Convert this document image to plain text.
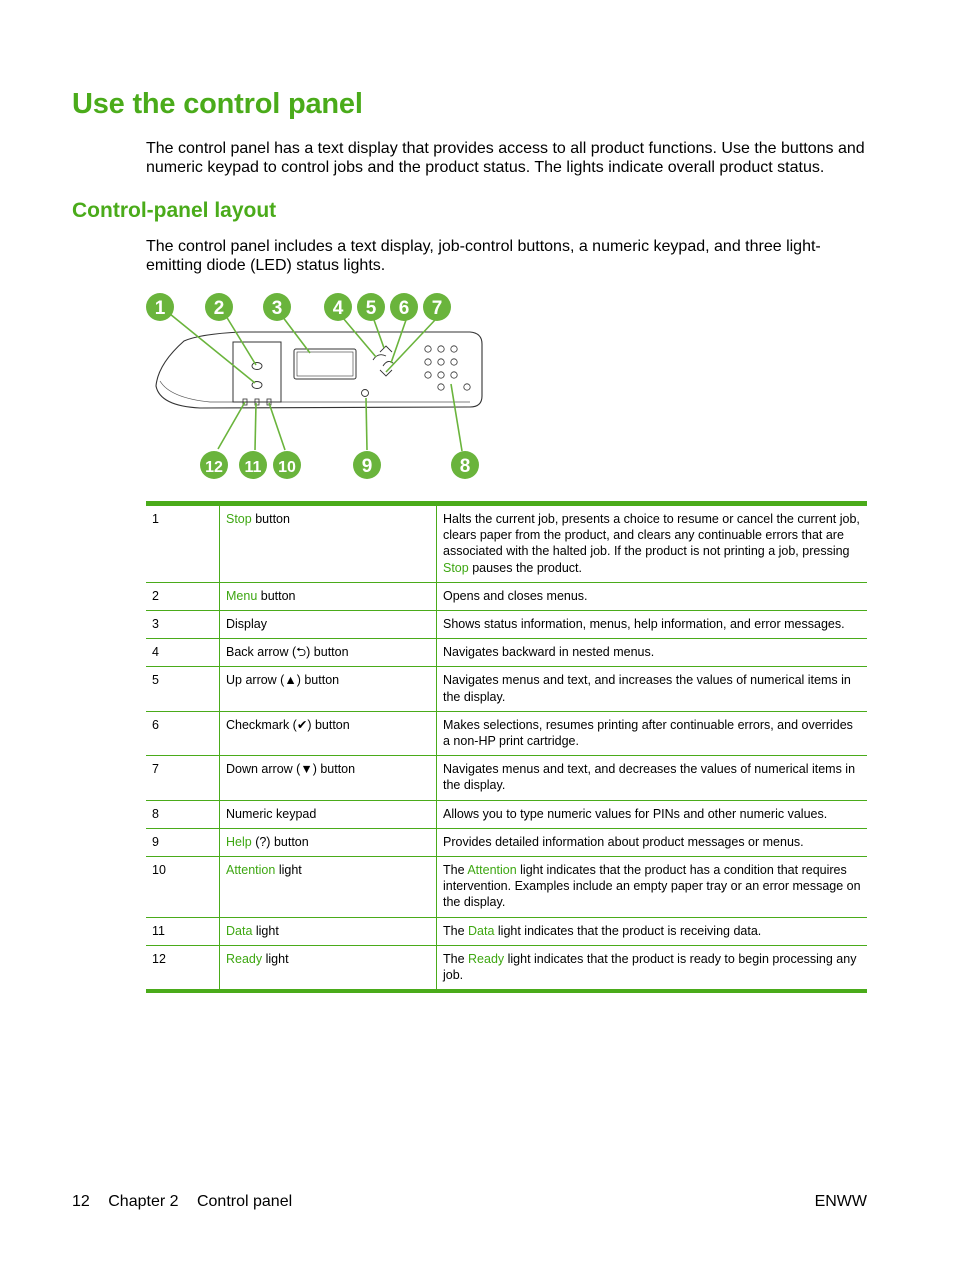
Use the control panel

The control panel has a text display that provides access to all product functions. Use the buttons and numeric keypad to control jobs and the product status. The lights indicate overall product status.

Control-panel layout

The control panel includes a text display, job-control buttons, a numeric keypad, and three light-emitting diode (LED) status lights.

1	2 3	4 5 6 7
8
9
10
11
12
1	Stop button	Halts the current job, presents a choice to resume or cancel the current job, clears paper from the product, and clears any continuable errors that are associated with the halted job. If the product is not printing a job, pressing Stop pauses the product.
2	Menu button	Opens and closes menus.
3	Display	Shows status information, menus, help information, and error messages.
4	Back arrow (⮌) button	Navigates backward in nested menus.
5	Up arrow (▲) button	Navigates menus and text, and increases the values of numerical items in the display.
6	Checkmark (✔) button	Makes selections, resumes printing after continuable errors, and overrides a non-HP print cartridge.
7	Down arrow (▼) button	Navigates menus and text, and decreases the values of numerical items in the display.
8	Numeric keypad	Allows you to type numeric values for PINs and other numeric values.
9	Help (?) button	Provides detailed information about product messages or menus.
10	Attention light	The Attention light indicates that the product has a condition that requires intervention. Examples include an empty paper tray or an error message on the display.
11	Data light	The Data light indicates that the product is receiving data.
12	Ready light	The Ready light indicates that the product is ready to begin processing any job.
12 Chapter 2 Control panel	ENWW
